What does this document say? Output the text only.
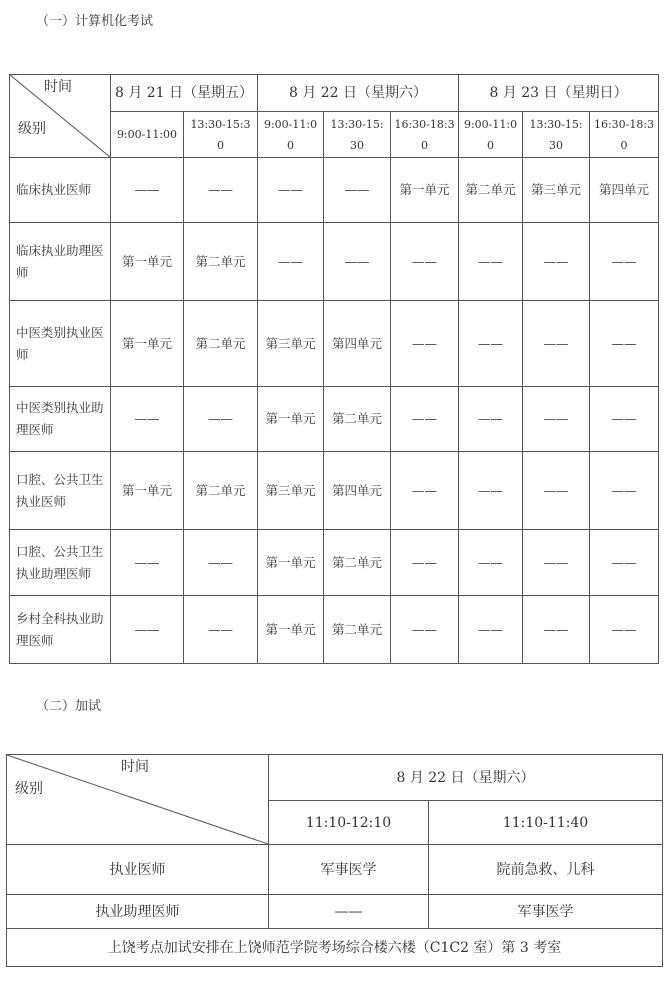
（一）计算机化考试
时间
级别	8 月 21 日（星期五）		8 月 22 日（星期六）			8 月 23 日（星期日）		
	9:00-11:00	13:30-15:30	9:00-11:00	13:30-15:30	16:30-18:30	9:00-11:00	13:30-15:30	16:30-18:30
临床执业医师	——	——	——	——	第一单元	第二单元	第三单元	第四单元
临床执业助理医师	第一单元	第二单元	——	——	——	——	——	——
中医类别执业医师	第一单元	第二单元	第三单元	第四单元	——	——	——	——
中医类别执业助理医师	——	——	第一单元	第二单元	——	——	——	——
口腔、公共卫生执业医师	第一单元	第二单元	第三单元	第四单元	——	——	——	——
口腔、公共卫生执业助理医师	——	——	第一单元	第二单元	——	——	——	——
乡村全科执业助理医师	——	——	第一单元	第二单元	——	——	——	——
（二）加试
时间
级别	8 月 22 日（星期六）	
	11:10-12:10	11:10-11:40
执业医师	军事医学	院前急救、儿科
执业助理医师	——	军事医学
上饶考点加试安排在上饶师范学院考场综合楼六楼（C1C2 室）第 3 考室		
